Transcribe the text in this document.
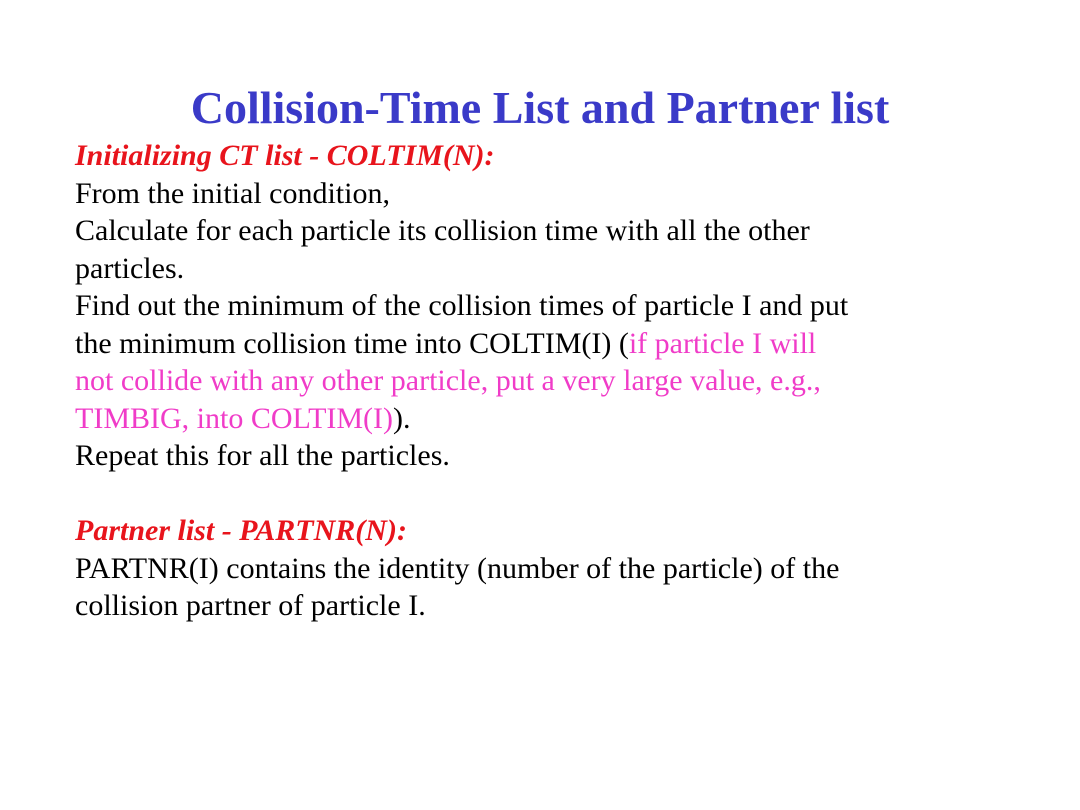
Collision-Time List and Partner list
Initializing CT list - COLTIM(N):
From the initial condition,
Calculate for each particle its collision time with all the other
particles.
Find out the minimum of the collision times of particle I and put
the minimum collision time into COLTIM(I) (if particle I will
not collide with any other particle, put a very large value, e.g.,
TIMBIG, into COLTIM(I)).
Repeat this for all the particles.
Partner list - PARTNR(N):
PARTNR(I) contains the identity (number of the particle) of the
collision partner of particle I.
